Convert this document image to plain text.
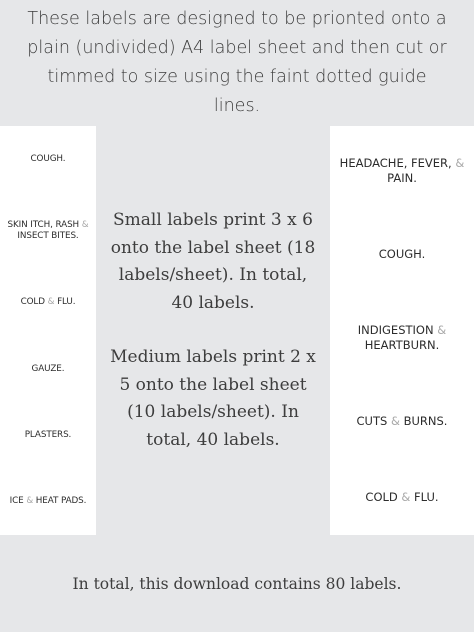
These labels are designed to be prionted onto a plain (undivided) A4 label sheet and then cut or timmed to size using the faint dotted guide lines.
COUGH.
SKIN ITCH, RASH & INSECT BITES.
COLD & FLU.
GAUZE.
PLASTERS.
ICE & HEAT PADS.

Small labels print 3 x 6 onto the label sheet (18 labels/sheet). In total, 40 labels.

Medium labels print 2 x 5 onto the label sheet (10 labels/sheet). In total, 40 labels.

HEADACHE, FEVER, & PAIN.
COUGH.
INDIGESTION & HEARTBURN.
CUTS & BURNS.
COLD & FLU.
In total, this download contains 80 labels.
